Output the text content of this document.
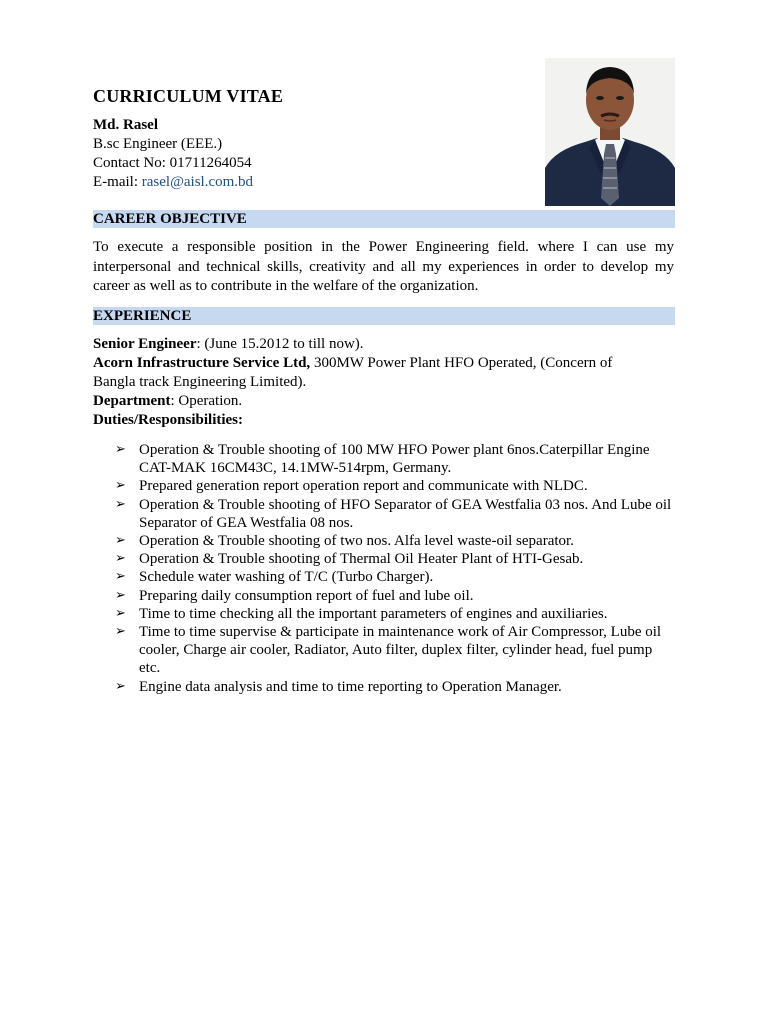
CURRICULUM VITAE
Md. Rasel
B.sc Engineer (EEE.)
Contact No: 01711264054
E-mail: rasel@aisl.com.bd
CAREER OBJECTIVE
To execute a responsible position in the Power Engineering field. where I can use my interpersonal and technical skills, creativity and all my experiences in order to develop my career as well as to contribute in the welfare of the organization.
EXPERIENCE
Senior Engineer: (June 15.2012 to till now).
Acorn Infrastructure Service Ltd, 300MW Power Plant HFO Operated, (Concern of
Bangla track Engineering Limited).
Department: Operation.
Duties/Responsibilities:
➢ Operation & Trouble shooting of 100 MW HFO Power plant 6nos.Caterpillar Engine CAT-MAK 16CM43C, 14.1MW-514rpm, Germany.
➢ Prepared generation report operation report and communicate with NLDC.
➢ Operation & Trouble shooting of HFO Separator of GEA Westfalia 03 nos. And Lube oil Separator of GEA Westfalia 08 nos.
➢ Operation & Trouble shooting of two nos. Alfa level waste-oil separator.
➢ Operation & Trouble shooting of Thermal Oil Heater Plant of HTI-Gesab.
➢ Schedule water washing of T/C (Turbo Charger).
➢ Preparing daily consumption report of fuel and lube oil.
➢ Time to time checking all the important parameters of engines and auxiliaries.
➢ Time to time supervise & participate in maintenance work of Air Compressor, Lube oil cooler, Charge air cooler, Radiator, Auto filter, duplex filter, cylinder head, fuel pump etc.
➢ Engine data analysis and time to time reporting to Operation Manager.
